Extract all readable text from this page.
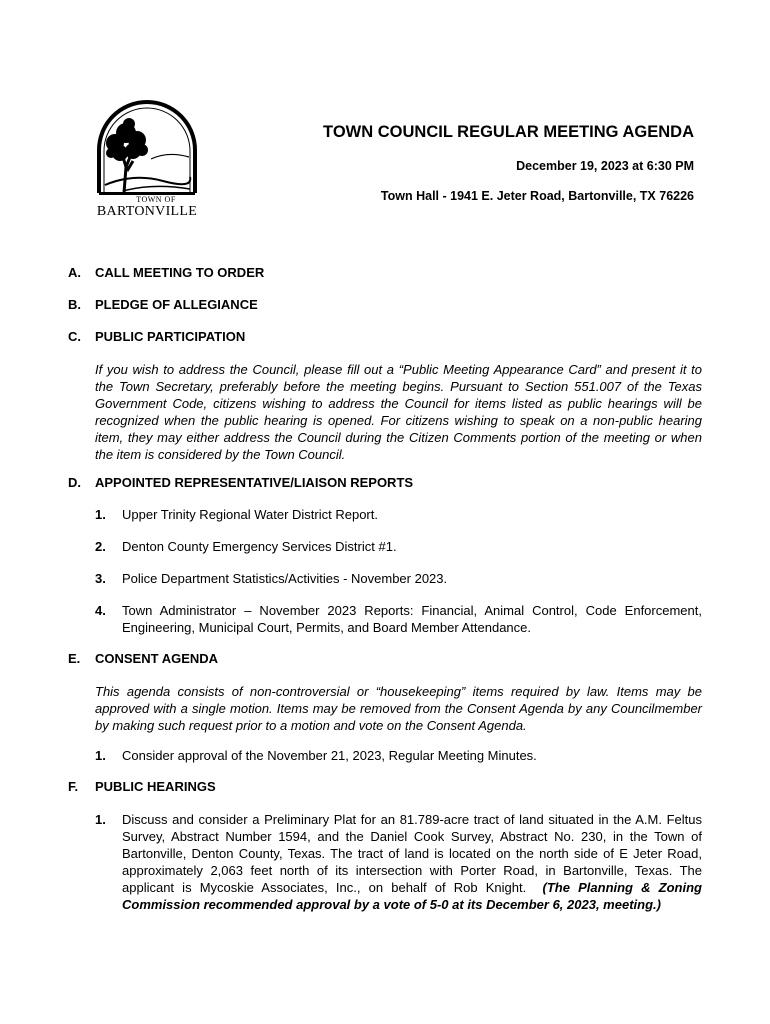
TOWN OF
BARTONVILLE
TOWN COUNCIL REGULAR MEETING AGENDA
December 19, 2023 at 6:30 PM
Town Hall - 1941 E. Jeter Road, Bartonville, TX 76226
A. CALL MEETING TO ORDER
B. PLEDGE OF ALLEGIANCE
C. PUBLIC PARTICIPATION
If you wish to address the Council, please fill out a “Public Meeting Appearance Card” and present it to the Town Secretary, preferably before the meeting begins. Pursuant to Section 551.007 of the Texas Government Code, citizens wishing to address the Council for items listed as public hearings will be recognized when the public hearing is opened. For citizens wishing to speak on a non-public hearing item, they may either address the Council during the Citizen Comments portion of the meeting or when the item is considered by the Town Council.
D. APPOINTED REPRESENTATIVE/LIAISON REPORTS
1. Upper Trinity Regional Water District Report.
2. Denton County Emergency Services District #1.
3. Police Department Statistics/Activities - November 2023.
4. Town Administrator – November 2023 Reports: Financial, Animal Control, Code Enforcement, Engineering, Municipal Court, Permits, and Board Member Attendance.
E. CONSENT AGENDA
This agenda consists of non-controversial or “housekeeping” items required by law. Items may be approved with a single motion. Items may be removed from the Consent Agenda by any Councilmember by making such request prior to a motion and vote on the Consent Agenda.
1. Consider approval of the November 21, 2023, Regular Meeting Minutes.
F. PUBLIC HEARINGS
1. Discuss and consider a Preliminary Plat for an 81.789-acre tract of land situated in the A.M. Feltus Survey, Abstract Number 1594, and the Daniel Cook Survey, Abstract No. 230, in the Town of Bartonville, Denton County, Texas. The tract of land is located on the north side of E Jeter Road, approximately 2,063 feet north of its intersection with Porter Road, in Bartonville, Texas. The applicant is Mycoskie Associates, Inc., on behalf of Rob Knight. (The Planning & Zoning Commission recommended approval by a vote of 5-0 at its December 6, 2023, meeting.)
